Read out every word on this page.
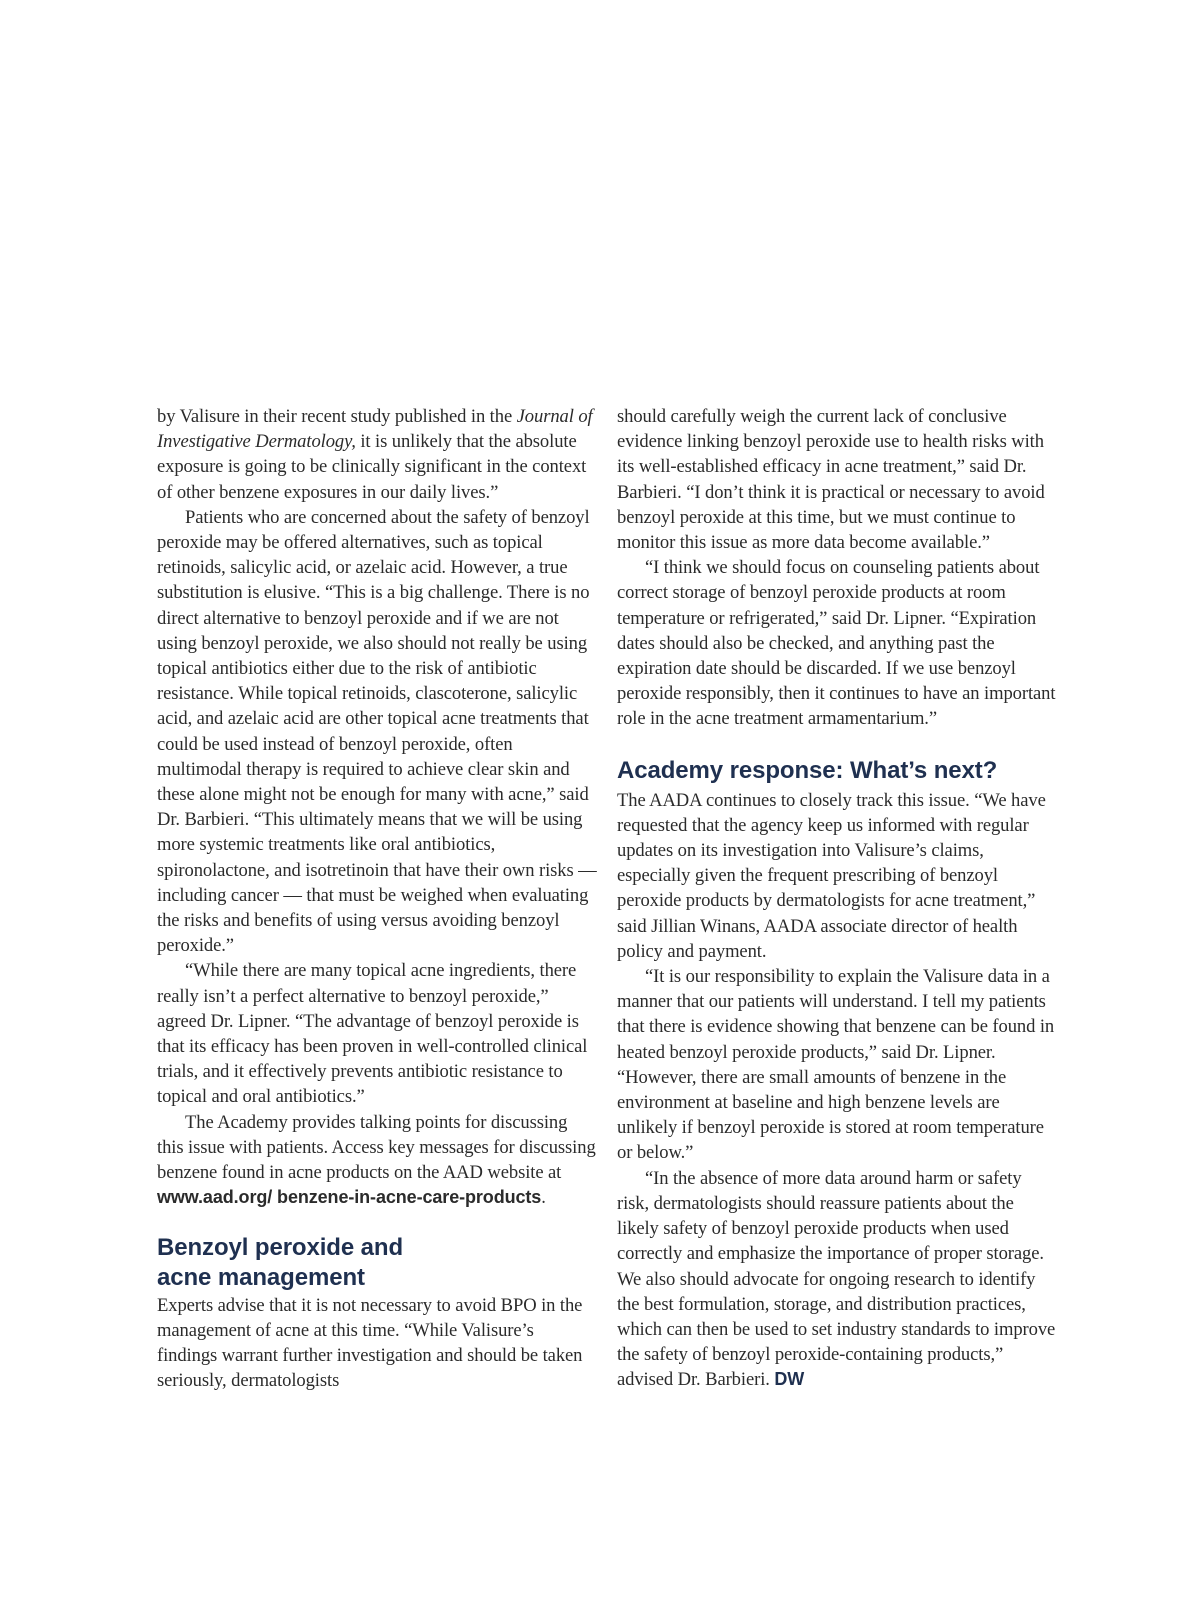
by Valisure in their recent study published in the Journal of Investigative Dermatology, it is unlikely that the absolute exposure is going to be clinically significant in the context of other benzene exposures in our daily lives.”

Patients who are concerned about the safety of benzoyl peroxide may be offered alternatives, such as topical retinoids, salicylic acid, or azelaic acid. However, a true substitution is elusive. “This is a big challenge. There is no direct alternative to benzoyl peroxide and if we are not using benzoyl peroxide, we also should not really be using topical antibiotics either due to the risk of antibiotic resistance. While topical retinoids, clascoterone, salicylic acid, and azelaic acid are other topical acne treatments that could be used instead of benzoyl peroxide, often multimodal therapy is required to achieve clear skin and these alone might not be enough for many with acne,” said Dr. Barbieri. “This ultimately means that we will be using more systemic treatments like oral antibiotics, spironolactone, and isotretinoin that have their own risks — including cancer — that must be weighed when evaluating the risks and benefits of using versus avoiding benzoyl peroxide.”

“While there are many topical acne ingredients, there really isn’t a perfect alternative to benzoyl peroxide,” agreed Dr. Lipner. “The advantage of benzoyl peroxide is that its efficacy has been proven in well-controlled clinical trials, and it effectively prevents antibiotic resistance to topical and oral antibiotics.”

The Academy provides talking points for discussing this issue with patients. Access key messages for discussing benzene found in acne products on the AAD website at www.aad.org/ benzene-in-acne-care-products.

Benzoyl peroxide and acne management

Experts advise that it is not necessary to avoid BPO in the management of acne at this time. “While Valisure’s findings warrant further investigation and should be taken seriously, dermatologists

should carefully weigh the current lack of conclusive evidence linking benzoyl peroxide use to health risks with its well-established efficacy in acne treatment,” said Dr. Barbieri. “I don’t think it is practical or necessary to avoid benzoyl peroxide at this time, but we must continue to monitor this issue as more data become available.”

“I think we should focus on counseling patients about correct storage of benzoyl peroxide products at room temperature or refrigerated,” said Dr. Lipner. “Expiration dates should also be checked, and anything past the expiration date should be discarded. If we use benzoyl peroxide responsibly, then it continues to have an important role in the acne treatment armamentarium.”

Academy response: What’s next?

The AADA continues to closely track this issue. “We have requested that the agency keep us informed with regular updates on its investigation into Valisure’s claims, especially given the frequent prescribing of benzoyl peroxide products by dermatologists for acne treatment,” said Jillian Winans, AADA associate director of health policy and payment.

“It is our responsibility to explain the Valisure data in a manner that our patients will understand. I tell my patients that there is evidence showing that benzene can be found in heated benzoyl peroxide products,” said Dr. Lipner. “However, there are small amounts of benzene in the environment at baseline and high benzene levels are unlikely if benzoyl peroxide is stored at room temperature or below.”

“In the absence of more data around harm or safety risk, dermatologists should reassure patients about the likely safety of benzoyl peroxide products when used correctly and emphasize the importance of proper storage. We also should advocate for ongoing research to identify the best formulation, storage, and distribution practices, which can then be used to set industry standards to improve the safety of benzoyl peroxide-containing products,” advised Dr. Barbieri. DW
